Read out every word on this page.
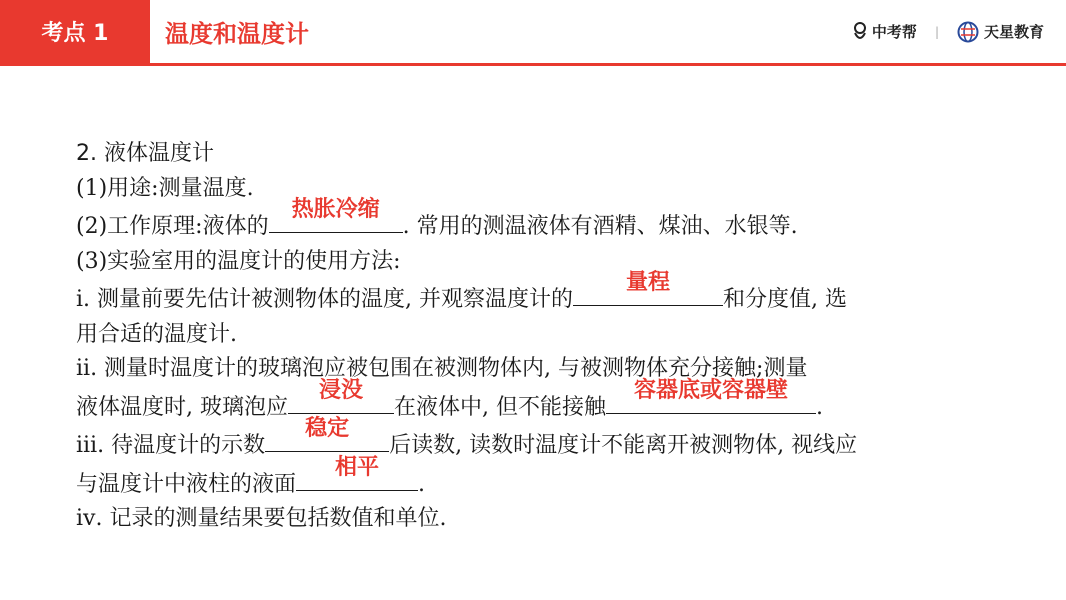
考点 1	温度和温度计	中考帮 |	天星教育
2. 液体温度计
(1)用途:测量温度.
(2)工作原理:液体的
热胀冷缩
. 常用的测温液体有酒精、煤油、水银等.
(3)实验室用的温度计的使用方法:
ⅰ. 测量前要先估计被测物体的温度, 并观察温度计的
量程
和分度值, 选
用合适的温度计.
ⅱ. 测量时温度计的玻璃泡应被包围在被测物体内, 与被测物体充分接触;测量
液体温度时, 玻璃泡应
浸没
在液体中, 但不能接触
容器底或容器壁
.
ⅲ. 待温度计的示数
稳定
后读数, 读数时温度计不能离开被测物体, 视线应
与温度计中液柱的液面
相平
.
ⅳ. 记录的测量结果要包括数值和单位.
